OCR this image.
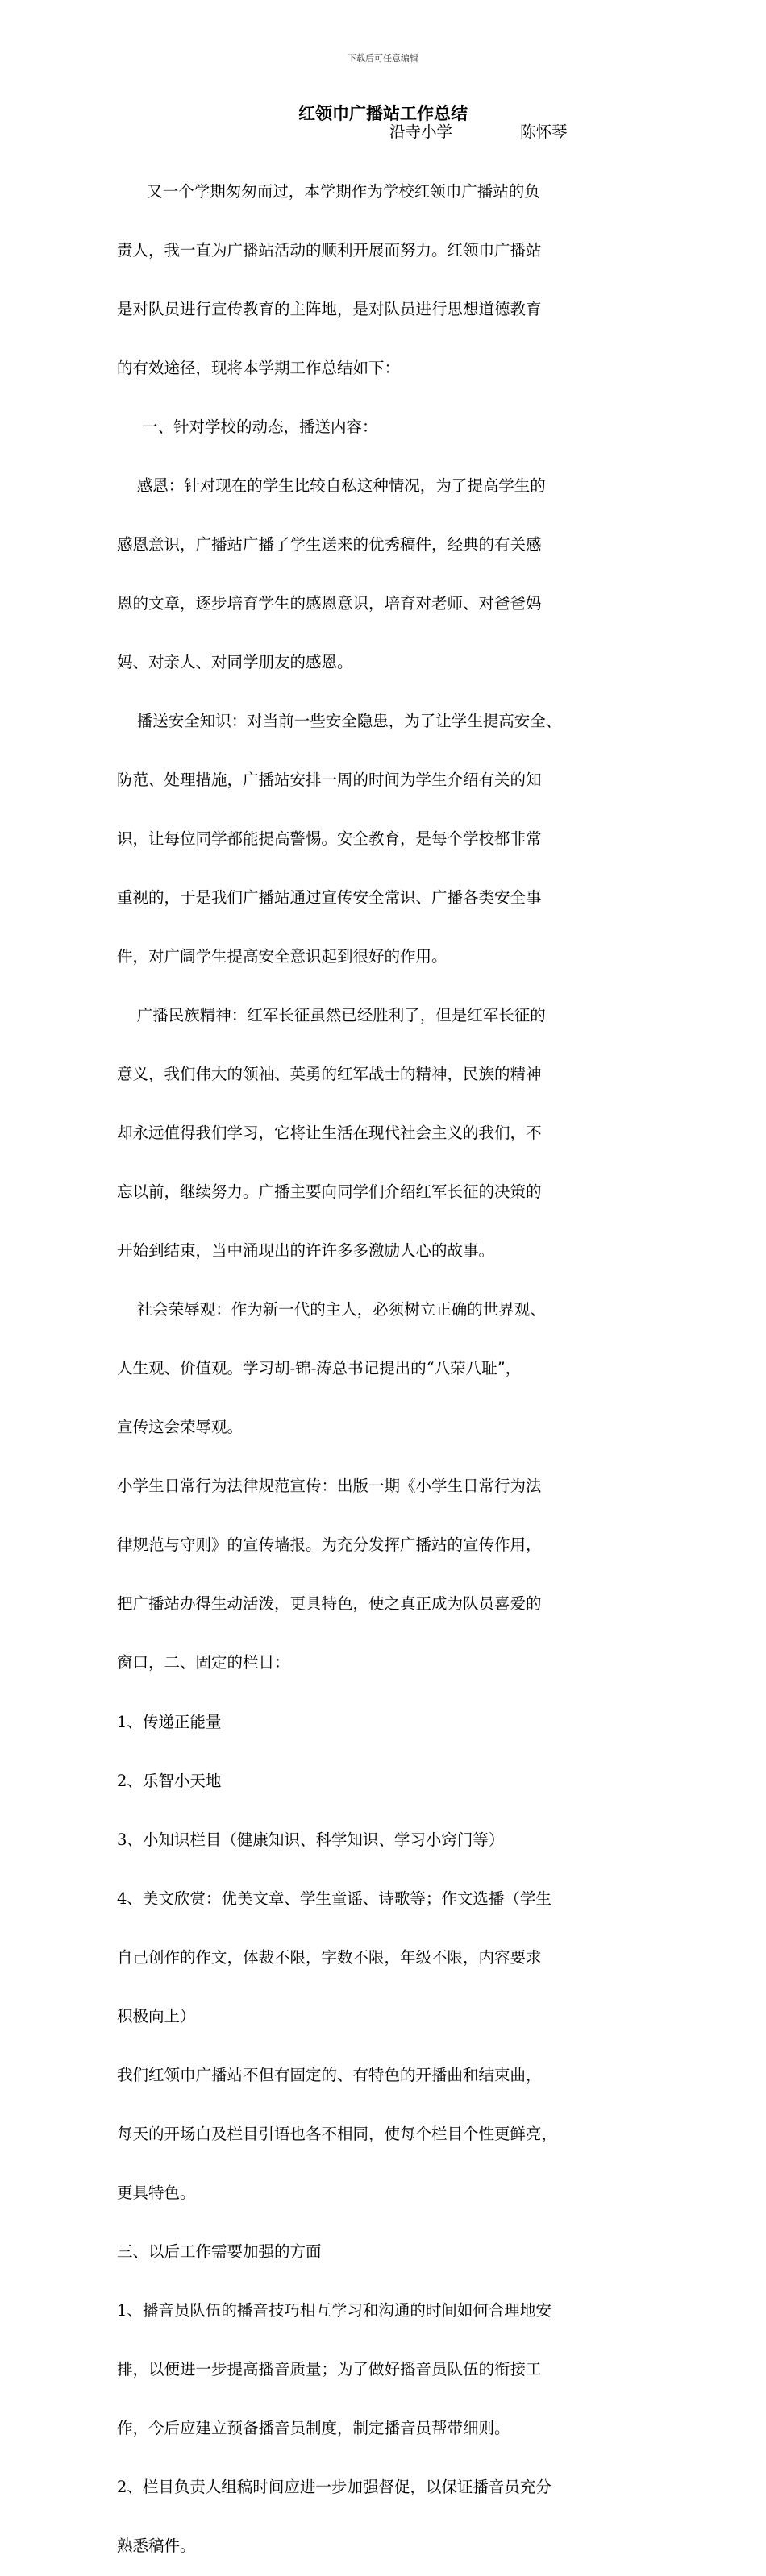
下载后可任意编辑
红领巾广播站工作总结
沿寺小学	陈怀琴

又一个学期匆匆而过，本学期作为学校红领巾广播站的负

责人，我一直为广播站活动的顺利开展而努力。红领巾广播站

是对队员进行宣传教育的主阵地，是对队员进行思想道德教育

的有效途径，现将本学期工作总结如下：

一、针对学校的动态，播送内容：

感恩：针对现在的学生比较自私这种情况，为了提高学生的

感恩意识，广播站广播了学生送来的优秀稿件，经典的有关感

恩的文章，逐步培育学生的感恩意识，培育对老师、对爸爸妈

妈、对亲人、对同学朋友的感恩。

播送安全知识：对当前一些安全隐患，为了让学生提高安全、

防范、处理措施，广播站安排一周的时间为学生介绍有关的知

识，让每位同学都能提高警惕。安全教育，是每个学校都非常

重视的，于是我们广播站通过宣传安全常识、广播各类安全事

件，对广阔学生提高安全意识起到很好的作用。

广播民族精神：红军长征虽然已经胜利了，但是红军长征的

意义，我们伟大的领袖、英勇的红军战士的精神，民族的精神

却永远值得我们学习，它将让生活在现代社会主义的我们，不

忘以前，继续努力。广播主要向同学们介绍红军长征的决策的

开始到结束，当中涌现出的许许多多激励人心的故事。

社会荣辱观：作为新一代的主人，必须树立正确的世界观、

人生观、价值观。学习胡-锦-涛总书记提出的“八荣八耻”，

宣传这会荣辱观。

小学生日常行为法律规范宣传：出版一期《小学生日常行为法

律规范与守则》的宣传墙报。为充分发挥广播站的宣传作用，

把广播站办得生动活泼，更具特色，使之真正成为队员喜爱的

窗口，二、固定的栏目：

1、传递正能量

2、乐智小天地

3、小知识栏目（健康知识、科学知识、学习小窍门等）

4、美文欣赏：优美文章、学生童谣、诗歌等；作文选播（学生

自己创作的作文，体裁不限，字数不限，年级不限，内容要求

积极向上）

我们红领巾广播站不但有固定的、有特色的开播曲和结束曲，

每天的开场白及栏目引语也各不相同，使每个栏目个性更鲜亮，

更具特色。

三、以后工作需要加强的方面

1、播音员队伍的播音技巧相互学习和沟通的时间如何合理地安

排，以便进一步提高播音质量；为了做好播音员队伍的衔接工

作，今后应建立预备播音员制度，制定播音员帮带细则。

2、栏目负责人组稿时间应进一步加强督促，以保证播音员充分

熟悉稿件。
